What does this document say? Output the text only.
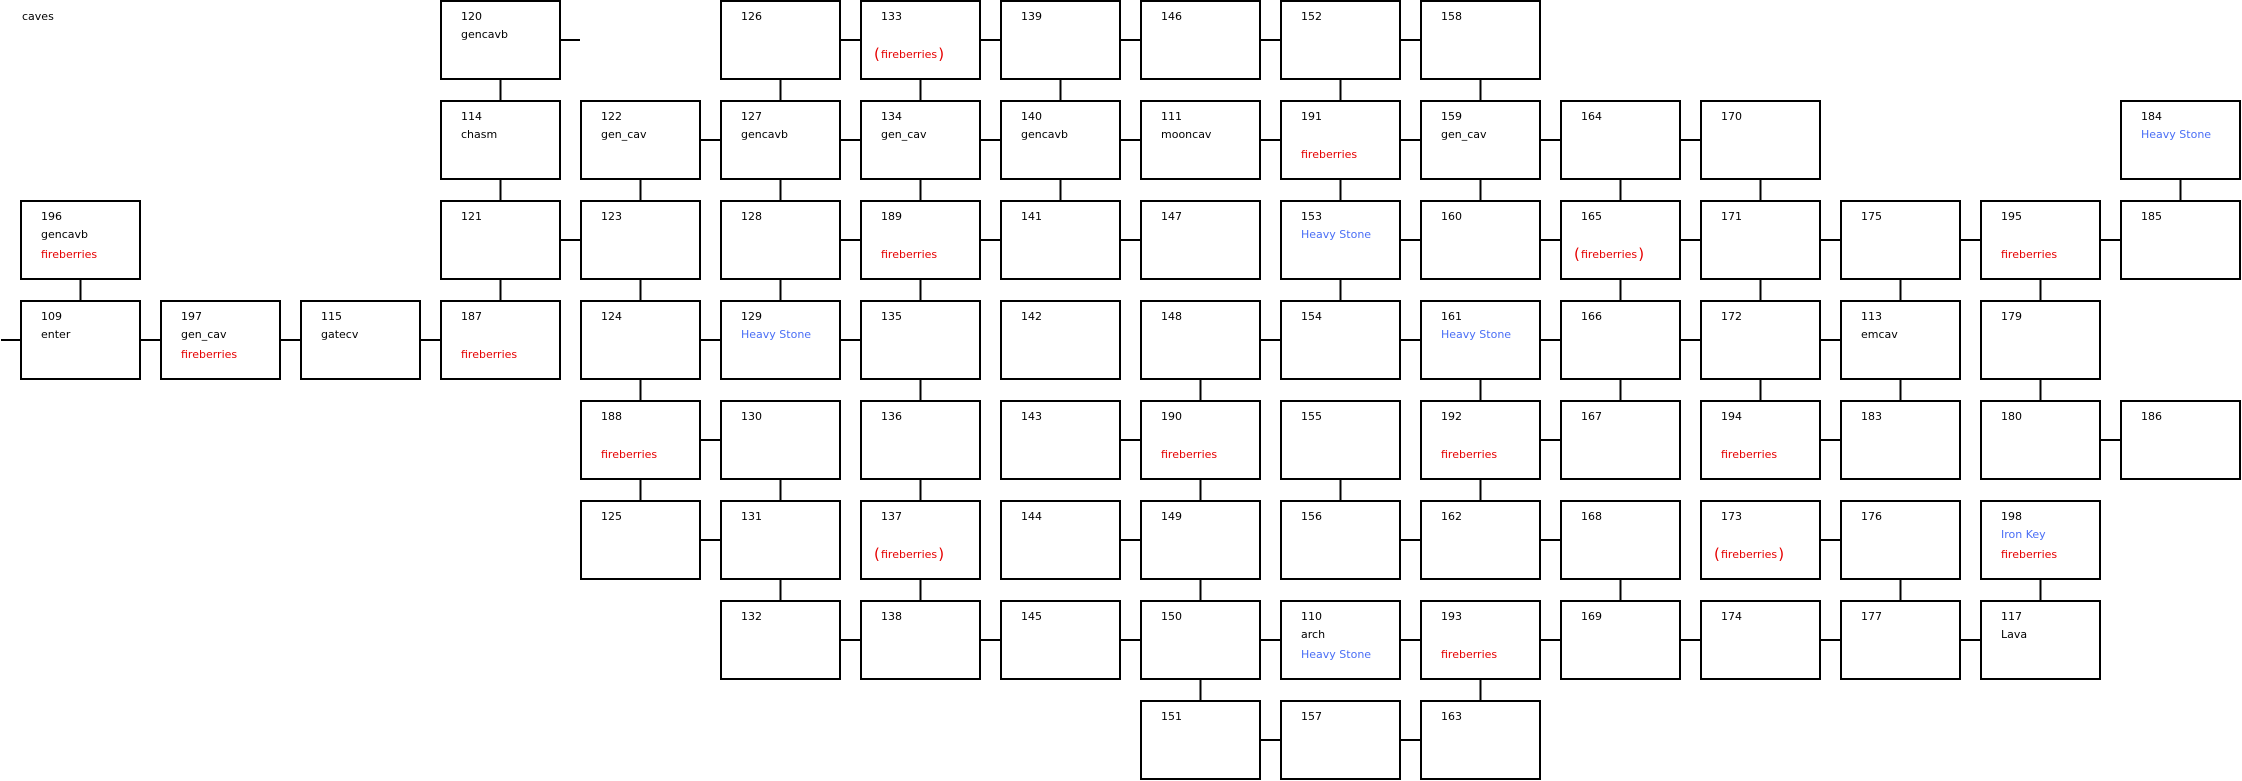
caves	120
gencavb
126	133
( fireberries )
139	146	152	158
114
chasm
122
gen_cav
127
gencavb
134
gen_cav
140
gencavb
111
mooncav
191
fireberries
159
gen_cav
164	170	184
Heavy Stone
196
gencavb
fireberries
121	123	128	189
fireberries
141	147	153
Heavy Stone
160	165
( fireberries )
171	175	195
fireberries
185
109
enter
197
gen_cav
fireberries
115
gatecv
187
fireberries
124	129
Heavy Stone
135	142	148	154	161
Heavy Stone
166	172	113
emcav
179
188
fireberries
130	136	143	190
fireberries
155	192
fireberries
167	194
fireberries
183	180	186
125	131	137
( fireberries )
144	149	156	162	168	173
( fireberries )
176	198
Iron Key
fireberries
132	138	145	150	110
arch
Heavy Stone
193
fireberries
169	174	177	117
Lava
151	157	163
